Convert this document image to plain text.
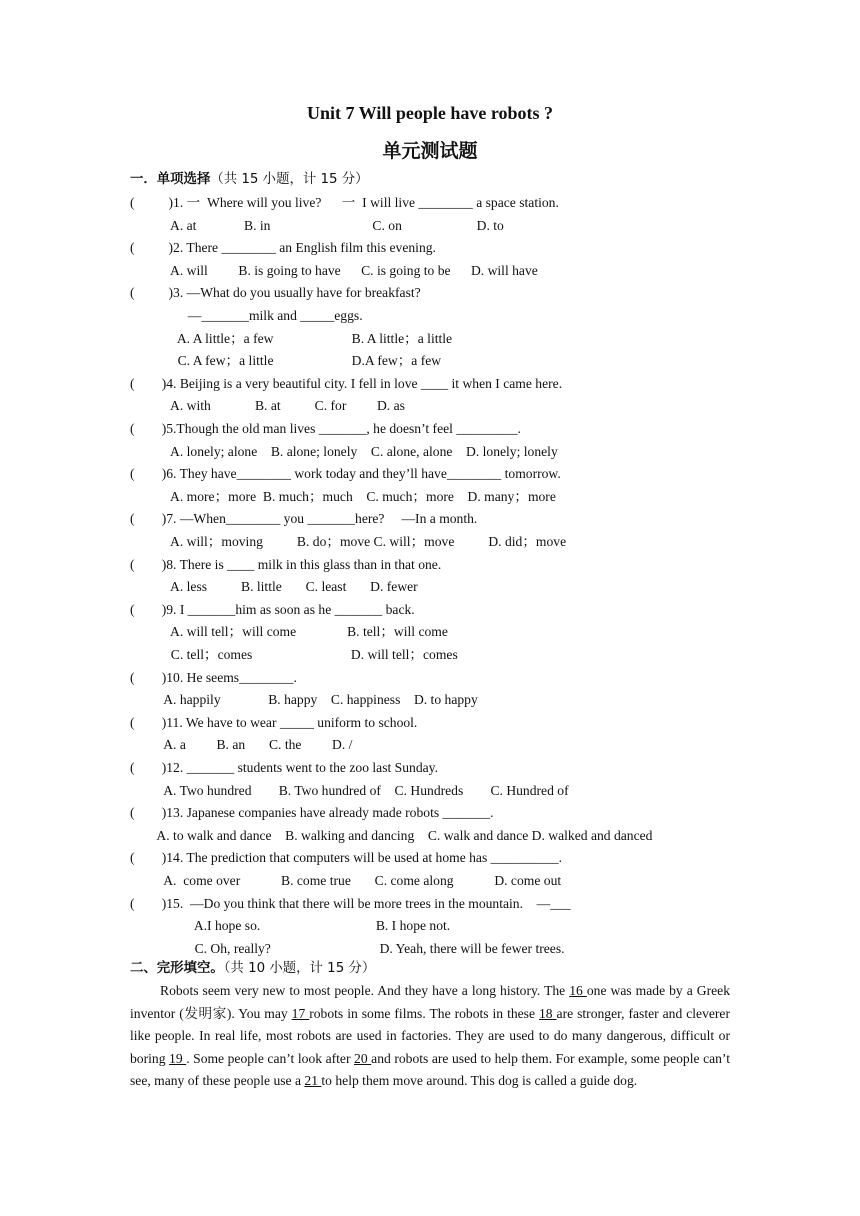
Unit 7 Will people have robots ?
单元测试题
一．单项选择（共 15 小题，计 15 分）
(          )1. 一  Where will you live?      一  I will live ________ a space station.
A. at              B. in                              C. on                      D. to
(          )2. There ________ an English film this evening.
A. will         B. is going to have      C. is going to be      D. will have
(          )3. —What do you usually have for breakfast?
—_______milk and _____eggs.
A. A little；a few                       B. A little；a little
C. A few；a little                       D.A few；a few
(        )4. Beijing is a very beautiful city. I fell in love ____ it when I came here.
A. with             B. at          C. for         D. as
(        )5.Though the old man lives _______, he doesn’t feel _________.
A. lonely; alone    B. alone; lonely    C. alone, alone    D. lonely; lonely
(        )6. They have________ work today and they’ll have________ tomorrow.
A. more；more  B. much；much    C. much；more    D. many；more
(        )7. —When________ you _______here?     —In a month.
A. will；moving          B. do；move C. will；move          D. did；move
(        )8. There is ____ milk in this glass than in that one.
A. less          B. little       C. least       D. fewer
(        )9. I _______him as soon as he _______ back.
A. will tell；will come               B. tell；will come
C. tell；comes                             D. will tell；comes
(        )10. He seems________.
A. happily              B. happy    C. happiness    D. to happy
(        )11. We have to wear _____ uniform to school.
A. a         B. an       C. the         D. /
(        )12. _______ students went to the zoo last Sunday.
A. Two hundred        B. Two hundred of    C. Hundreds        C. Hundred of
(        )13. Japanese companies have already made robots _______.
A. to walk and dance    B. walking and dancing    C. walk and dance D. walked and danced
(        )14. The prediction that computers will be used at home has __________.
A.  come over            B. come true       C. come along            D. come out
(        )15.  —Do you think that there will be more trees in the mountain.    —___
A.I hope so.                                  B. I hope not.
C. Oh, really?                                D. Yeah, there will be fewer trees.
二、完形填空。（共 10 小题，计 15 分）
Robots seem very new to most people. And they have a long history. The 16 one was made by a Greek inventor (发明家). You may 17 robots in some films. The robots in these 18 are stronger, faster and cleverer like people. In real life, most robots are used in factories. They are used to do many dangerous, difficult or boring 19 . Some people can’t look after 20 and robots are used to help them. For example, some people can’t see, many of these people use a 21 to help them move around. This dog is called a guide dog.
